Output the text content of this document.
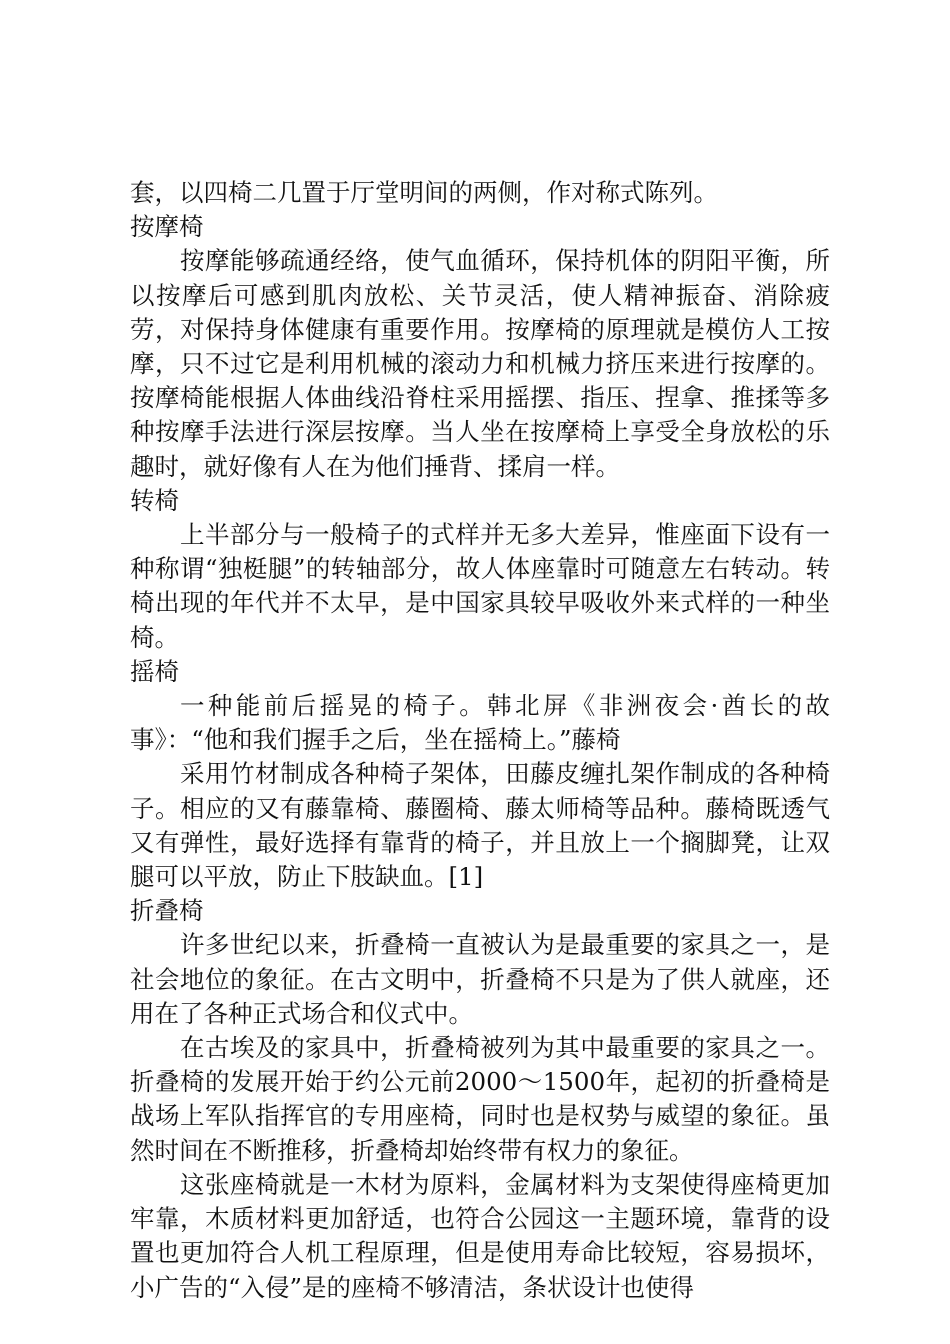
套，以四椅二几置于厅堂明间的两侧，作对称式陈列。

按摩椅

按摩能够疏通经络，使气血循环，保持机体的阴阳平衡，所以按摩后可感到肌肉放松、关节灵活，使人精神振奋、消除疲劳，对保持身体健康有重要作用。按摩椅的原理就是模仿人工按摩，只不过它是利用机械的滚动力和机械力挤压来进行按摩的。按摩椅能根据人体曲线沿脊柱采用摇摆、指压、捏拿、推揉等多种按摩手法进行深层按摩。当人坐在按摩椅上享受全身放松的乐趣时，就好像有人在为他们捶背、揉肩一样。

转椅

上半部分与一般椅子的式样并无多大差异，惟座面下设有一种称谓“独梃腿”的转轴部分，故人体座靠时可随意左右转动。转椅出现的年代并不太早，是中国家具较早吸收外来式样的一种坐椅。

摇椅

一种能前后摇晃的椅子。韩北屏《非洲夜会·酋长的故事》：“他和我们握手之后，坐在摇椅上。”藤椅

采用竹材制成各种椅子架体，田藤皮缠扎架作制成的各种椅子。相应的又有藤靠椅、藤圈椅、藤太师椅等品种。藤椅既透气又有弹性，最好选择有靠背的椅子，并且放上一个搁脚凳，让双腿可以平放，防止下肢缺血。[1]

折叠椅

许多世纪以来，折叠椅一直被认为是最重要的家具之一，是社会地位的象征。在古文明中，折叠椅不只是为了供人就座，还用在了各种正式场合和仪式中。

在古埃及的家具中，折叠椅被列为其中最重要的家具之一。折叠椅的发展开始于约公元前2000～1500年，起初的折叠椅是战场上军队指挥官的专用座椅，同时也是权势与威望的象征。虽然时间在不断推移，折叠椅却始终带有权力的象征。

这张座椅就是一木材为原料，金属材料为支架使得座椅更加牢靠，木质材料更加舒适，也符合公园这一主题环境，靠背的设置也更加符合人机工程原理，但是使用寿命比较短，容易损坏，小广告的“入侵”是的座椅不够清洁，条状设计也使得
